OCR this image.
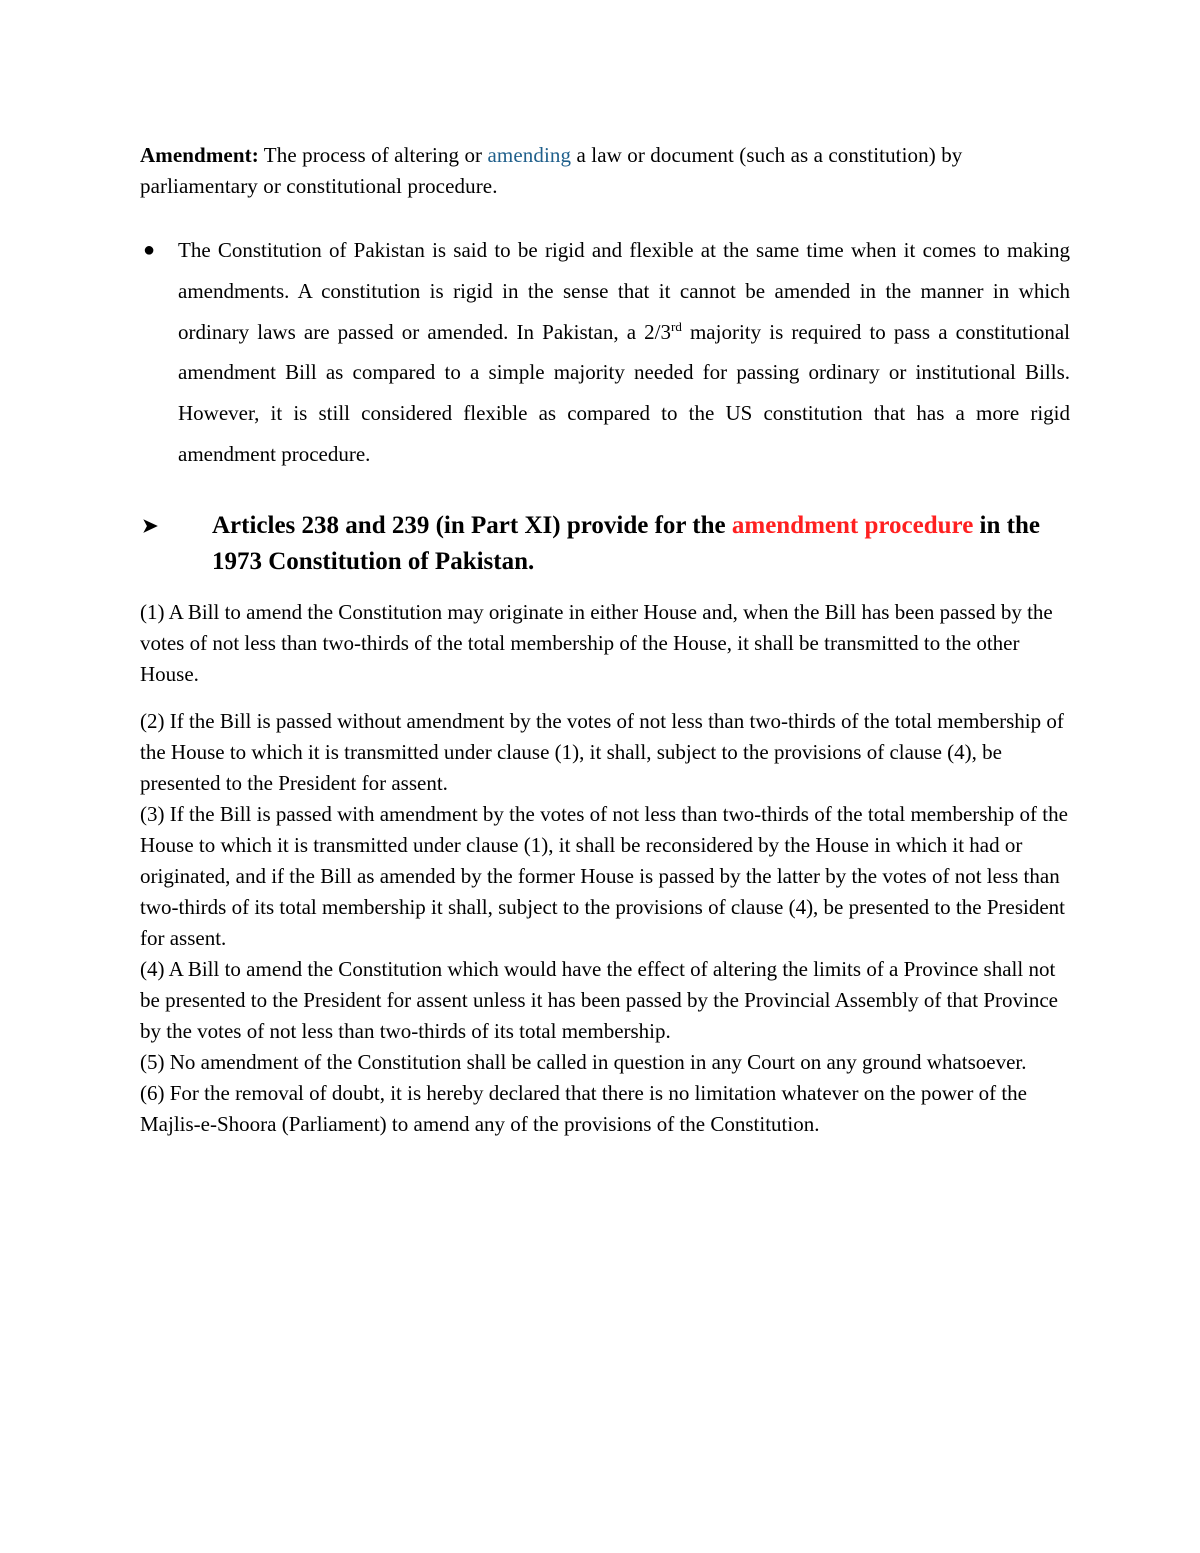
Amendment: The process of altering or amending a law or document (such as a constitution) by parliamentary or constitutional procedure.

● The Constitution of Pakistan is said to be rigid and flexible at the same time when it comes to making amendments. A constitution is rigid in the sense that it cannot be amended in the manner in which ordinary laws are passed or amended. In Pakistan, a 2/3rd majority is required to pass a constitutional amendment Bill as compared to a simple majority needed for passing ordinary or institutional Bills. However, it is still considered flexible as compared to the US constitution that has a more rigid amendment procedure.
➤ Articles 238 and 239 (in Part XI) provide for the amendment procedure in the 1973 Constitution of Pakistan.

(1) A Bill to amend the Constitution may originate in either House and, when the Bill has been passed by the votes of not less than two-thirds of the total membership of the House, it shall be transmitted to the other House.

(2) If the Bill is passed without amendment by the votes of not less than two-thirds of the total membership of the House to which it is transmitted under clause (1), it shall, subject to the provisions of clause (4), be presented to the President for assent.

(3) If the Bill is passed with amendment by the votes of not less than two-thirds of the total membership of the House to which it is transmitted under clause (1), it shall be reconsidered by the House in which it had or originated, and if the Bill as amended by the former House is passed by the latter by the votes of not less than two-thirds of its total membership it shall, subject to the provisions of clause (4), be presented to the President for assent.

(4) A Bill to amend the Constitution which would have the effect of altering the limits of a Province shall not be presented to the President for assent unless it has been passed by the Provincial Assembly of that Province by the votes of not less than two-thirds of its total membership.

(5) No amendment of the Constitution shall be called in question in any Court on any ground whatsoever.

(6) For the removal of doubt, it is hereby declared that there is no limitation whatever on the power of the Majlis-e-Shoora (Parliament) to amend any of the provisions of the Constitution.
